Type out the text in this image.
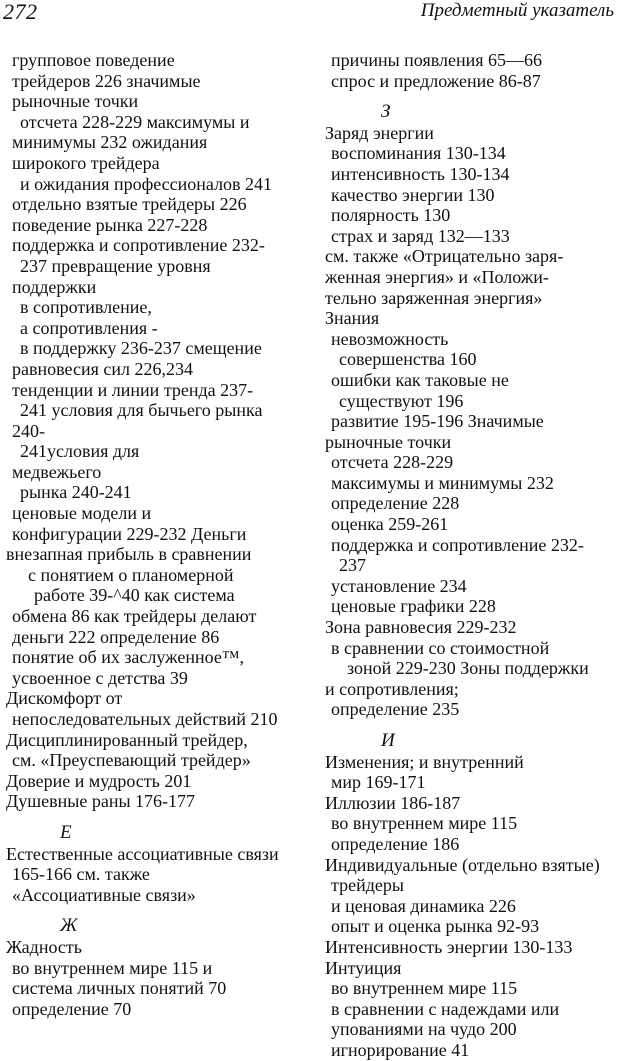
272	Предметный указатель
групповое поведение
трейдеров 226 значимые
рыночные точки
отсчета 228-229 максимумы и
минимумы 232 ожидания
широкого трейдера
и ожидания профессионалов 241
отдельно взятые трейдеры 226
поведение рынка 227-228
поддержка и сопротивление 232-
237 превращение уровня
поддержки
в сопротивление,
а сопротивления -
в поддержку 236-237 смещение
равновесия сил 226,234
тенденции и линии тренда 237-
241 условия для бычьего рынка
240-
241условия для
медвежьего
рынка 240-241
ценовые модели и
конфигурации 229-232 Деньги
внезапная прибыль в сравнении
с понятием о планомерной
работе 39-^40 как система
обмена 86 как трейдеры делают
деньги 222 определение 86
понятие об их заслуженное™,
усвоенное с детства 39
Дискомфорт от
непоследовательных действий 210
Дисциплинированный трейдер,
см. «Преуспевающий трейдер»
Доверие и мудрость 201
Душевные раны 176-177
Е
Естественные ассоциативные связи
165-166 см. также
«Ассоциативные связи»
Ж
Жадность
во внутреннем мире 115 и
система личных понятий 70
определение 70
причины появления 65—66
спрос и предложение 86-87
З
Заряд энергии
воспоминания 130-134
интенсивность 130-134
качество энергии 130
полярность 130
страх и заряд 132—133
см. также «Отрицательно заря-
женная энергия» и «Положи-
тельно заряженная энергия»
Знания
невозможность
совершенства 160
ошибки как таковые не
существуют 196
развитие 195-196 Значимые
рыночные точки
отсчета 228-229
максимумы и минимумы 232
определение 228
оценка 259-261
поддержка и сопротивление 232-
237
установление 234
ценовые графики 228
Зона равновесия 229-232
в сравнении со стоимостной
зоной 229-230 Зоны поддержки
и сопротивления;
определение 235
И
Изменения; и внутренний
мир 169-171
Иллюзии 186-187
во внутреннем мире 115
определение 186
Индивидуальные (отдельно взятые)
трейдеры
и ценовая динамика 226
опыт и оценка рынка 92-93
Интенсивность энергии 130-133
Интуиция
во внутреннем мире 115
в сравнении с надеждами или
упованиями на чудо 200
игнорирование 41
